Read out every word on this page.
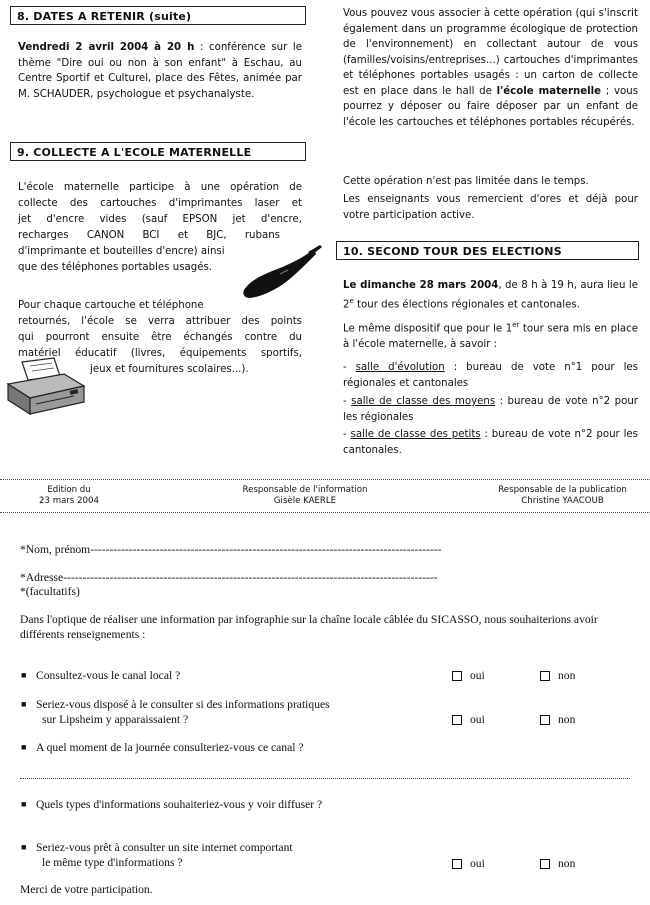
8. DATES A RETENIR (suite)
Vendredi 2 avril 2004 à 20 h : conférence sur le thème "Dire oui ou non à son enfant" à Eschau, au Centre Sportif et Culturel, place des Fêtes, animée par M. SCHAUDER, psychologue et psychanalyste.
9. COLLECTE A L'ECOLE MATERNELLE
L'école maternelle participe à une opération de
collecte des cartouches d'imprimantes laser et
jet d'encre vides (sauf EPSON jet d'encre,
recharges CANON BCI et BJC, rubans
d'imprimante et bouteilles d'encre) ainsi
que des téléphones portables usagés.
Pour chaque cartouche et téléphone
retournés, l'école se verra attribuer des points
qui pourront ensuite être échangés contre du
matériel éducatif (livres, équipements sportifs,
jeux et fournitures scolaires...).
Vous pouvez vous associer à cette opération (qui s'inscrit également dans un programme écologique de protection de l'environnement) en collectant autour de vous (familles/voisins/entreprises...) cartouches d'imprimantes et téléphones portables usagés : un carton de collecte est en place dans le hall de l'école maternelle ; vous pourrez y déposer ou faire déposer par un enfant de l'école les cartouches et téléphones portables récupérés.
Cette opération n'est pas limitée dans le temps.
Les enseignants vous remercient d'ores et déjà pour votre participation active.
10. SECOND TOUR DES ELECTIONS
Le dimanche 28 mars 2004, de 8 h à 19 h, aura lieu le 2e tour des élections régionales et cantonales.
Le même dispositif que pour le 1er tour sera mis en place à l'école maternelle, à savoir :
- salle d'évolution : bureau de vote n°1 pour les régionales et cantonales
- salle de classe des moyens : bureau de vote n°2 pour les régionales
- salle de classe des petits : bureau de vote n°2 pour les cantonales.
Edition du
23 mars 2004
Responsable de l'information
Gisèle KAERLE
Responsable de la publication
Christine YAACOUB
*Nom, prénom-------------------------------------------------------------------------------------------
*Adresse-------------------------------------------------------------------------------------------------
*(facultatifs)
Dans l'optique de réaliser une information par infographie sur la chaîne locale câblée du SICASSO, nous souhaiterions avoir différents renseignements :
■ Consultez-vous le canal local ?	oui	non
■ Seriez-vous disposé à le consulter si des informations pratiques
sur Lipsheim y apparaissaient ?	oui	non
■ A quel moment de la journée consulteriez-vous ce canal ?
■ Quels types d'informations souhaiteriez-vous y voir diffuser ?
■ Seriez-vous prêt à consulter un site internet comportant
le même type d'informations ?	oui	non
Merci de votre participation.
